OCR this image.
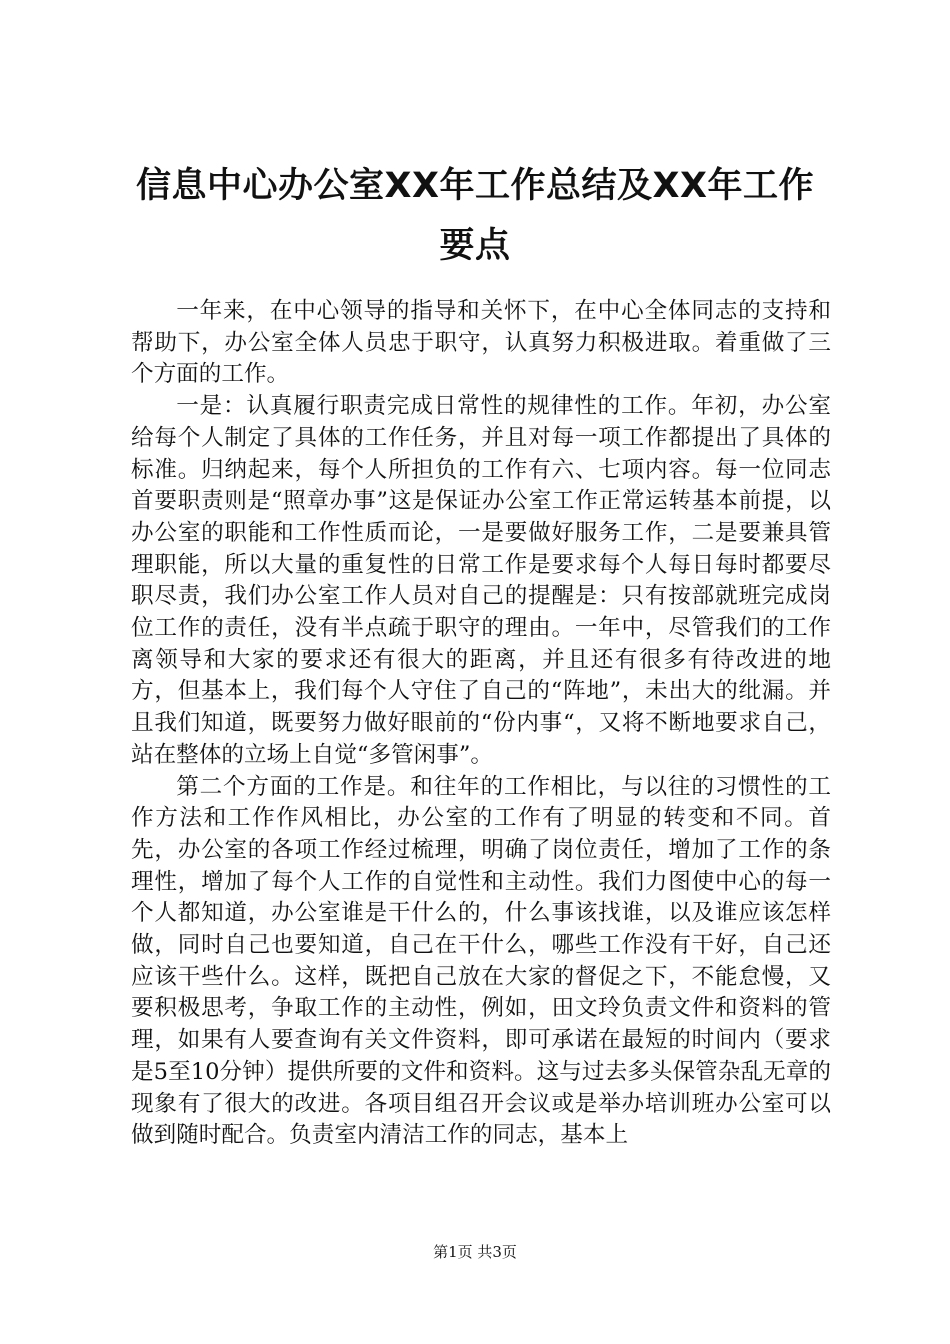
信息中心办公室XX年工作总结及XX年工作要点

一年来，在中心领导的指导和关怀下，在中心全体同志的支持和帮助下，办公室全体人员忠于职守，认真努力积极进取。着重做了三个方面的工作。

一是：认真履行职责完成日常性的规律性的工作。年初，办公室给每个人制定了具体的工作任务，并且对每一项工作都提出了具体的标准。归纳起来，每个人所担负的工作有六、七项内容。每一位同志首要职责则是“照章办事”这是保证办公室工作正常运转基本前提，以办公室的职能和工作性质而论，一是要做好服务工作，二是要兼具管理职能，所以大量的重复性的日常工作是要求每个人每日每时都要尽职尽责，我们办公室工作人员对自己的提醒是：只有按部就班完成岗位工作的责任，没有半点疏于职守的理由。一年中，尽管我们的工作离领导和大家的要求还有很大的距离，并且还有很多有待改进的地方，但基本上，我们每个人守住了自己的“阵地”，未出大的纰漏。并且我们知道，既要努力做好眼前的“份内事“，又将不断地要求自己，站在整体的立场上自觉“多管闲事”。

第二个方面的工作是。和往年的工作相比，与以往的习惯性的工作方法和工作作风相比，办公室的工作有了明显的转变和不同。首先，办公室的各项工作经过梳理，明确了岗位责任，增加了工作的条理性，增加了每个人工作的自觉性和主动性。我们力图使中心的每一个人都知道，办公室谁是干什么的，什么事该找谁，以及谁应该怎样做，同时自己也要知道，自己在干什么，哪些工作没有干好，自己还应该干些什么。这样，既把自己放在大家的督促之下，不能怠慢，又要积极思考，争取工作的主动性，例如，田文玲负责文件和资料的管理，如果有人要查询有关文件资料，即可承诺在最短的时间内（要求是5至10分钟）提供所要的文件和资料。这与过去多头保管杂乱无章的现象有了很大的改进。各项目组召开会议或是举办培训班办公室可以做到随时配合。负责室内清洁工作的同志，基本上

第1页 共3页
